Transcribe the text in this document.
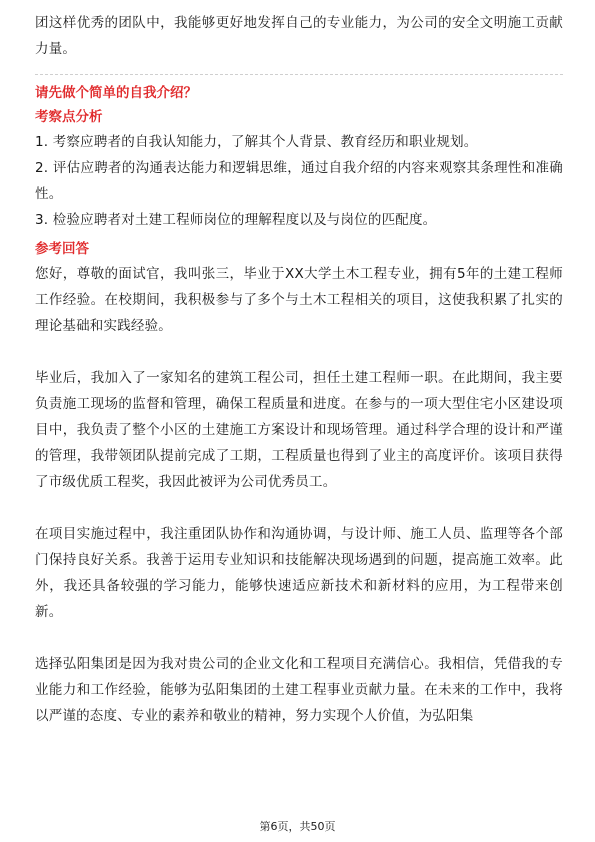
团这样优秀的团队中，我能够更好地发挥自己的专业能力，为公司的安全文明施工贡献力量。

请先做个简单的自我介绍？

考察点分析

1. 考察应聘者的自我认知能力，了解其个人背景、教育经历和职业规划。

2. 评估应聘者的沟通表达能力和逻辑思维，通过自我介绍的内容来观察其条理性和准确性。

3. 检验应聘者对土建工程师岗位的理解程度以及与岗位的匹配度。

参考回答

您好，尊敬的面试官，我叫张三，毕业于XX大学土木工程专业，拥有5年的土建工程师工作经验。在校期间，我积极参与了多个与土木工程相关的项目，这使我积累了扎实的理论基础和实践经验。

毕业后，我加入了一家知名的建筑工程公司，担任土建工程师一职。在此期间，我主要负责施工现场的监督和管理，确保工程质量和进度。在参与的一项大型住宅小区建设项目中，我负责了整个小区的土建施工方案设计和现场管理。通过科学合理的设计和严谨的管理，我带领团队提前完成了工期，工程质量也得到了业主的高度评价。该项目获得了市级优质工程奖，我因此被评为公司优秀员工。

在项目实施过程中，我注重团队协作和沟通协调，与设计师、施工人员、监理等各个部门保持良好关系。我善于运用专业知识和技能解决现场遇到的问题，提高施工效率。此外，我还具备较强的学习能力，能够快速适应新技术和新材料的应用，为工程带来创新。

选择弘阳集团是因为我对贵公司的企业文化和工程项目充满信心。我相信，凭借我的专业能力和工作经验，能够为弘阳集团的土建工程事业贡献力量。在未来的工作中，我将以严谨的态度、专业的素养和敬业的精神，努力实现个人价值，为弘阳集

第6页，共50页
